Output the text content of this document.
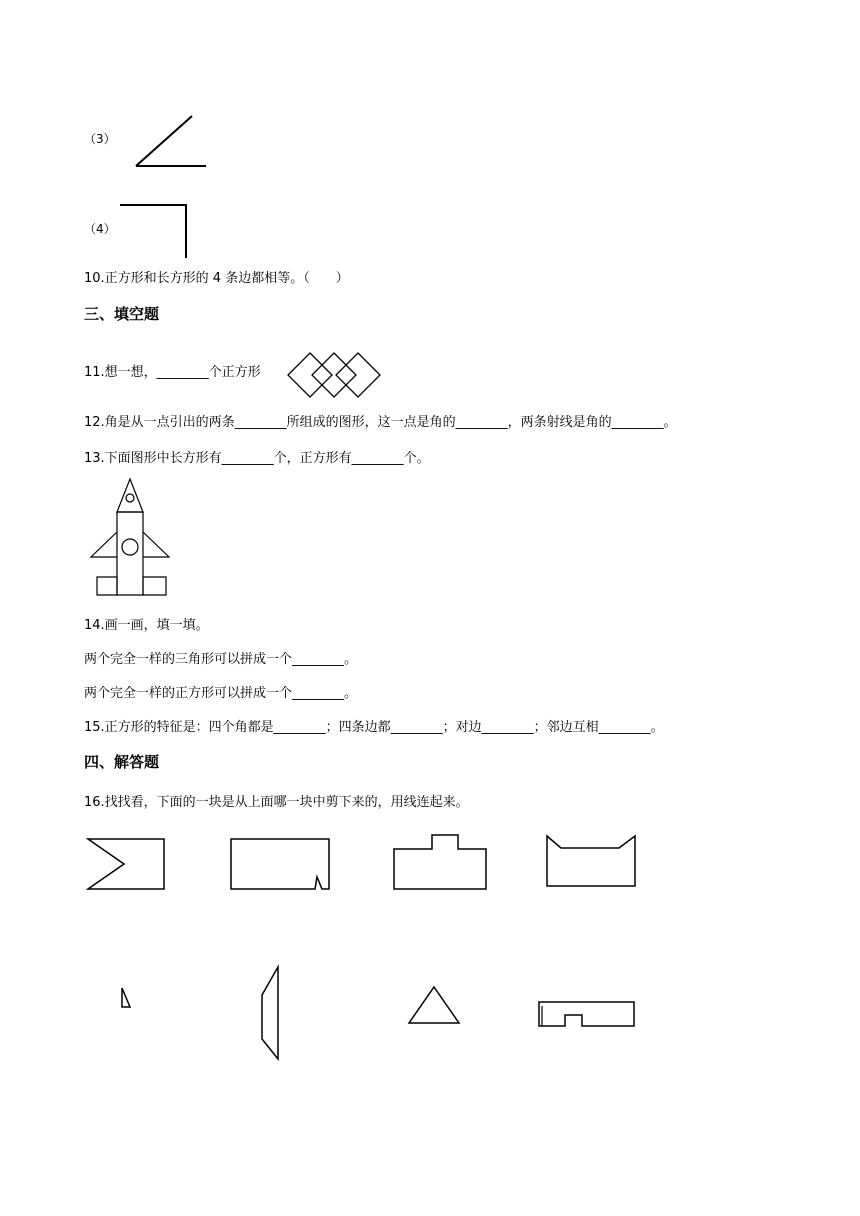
（3）
（4）
10.正方形和长方形的 4 条边都相等。（　　）
三、填空题
11.想一想，________个正方形
12.角是从一点引出的两条________所组成的图形，这一点是角的________，两条射线是角的________。
13.下面图形中长方形有________个，正方形有________个。
14.画一画，填一填。
两个完全一样的三角形可以拼成一个________。
两个完全一样的正方形可以拼成一个________。
15.正方形的特征是：四个角都是________；四条边都________；对边________；邻边互相________。
四、解答题
16.找找看，下面的一块是从上面哪一块中剪下来的，用线连起来。
